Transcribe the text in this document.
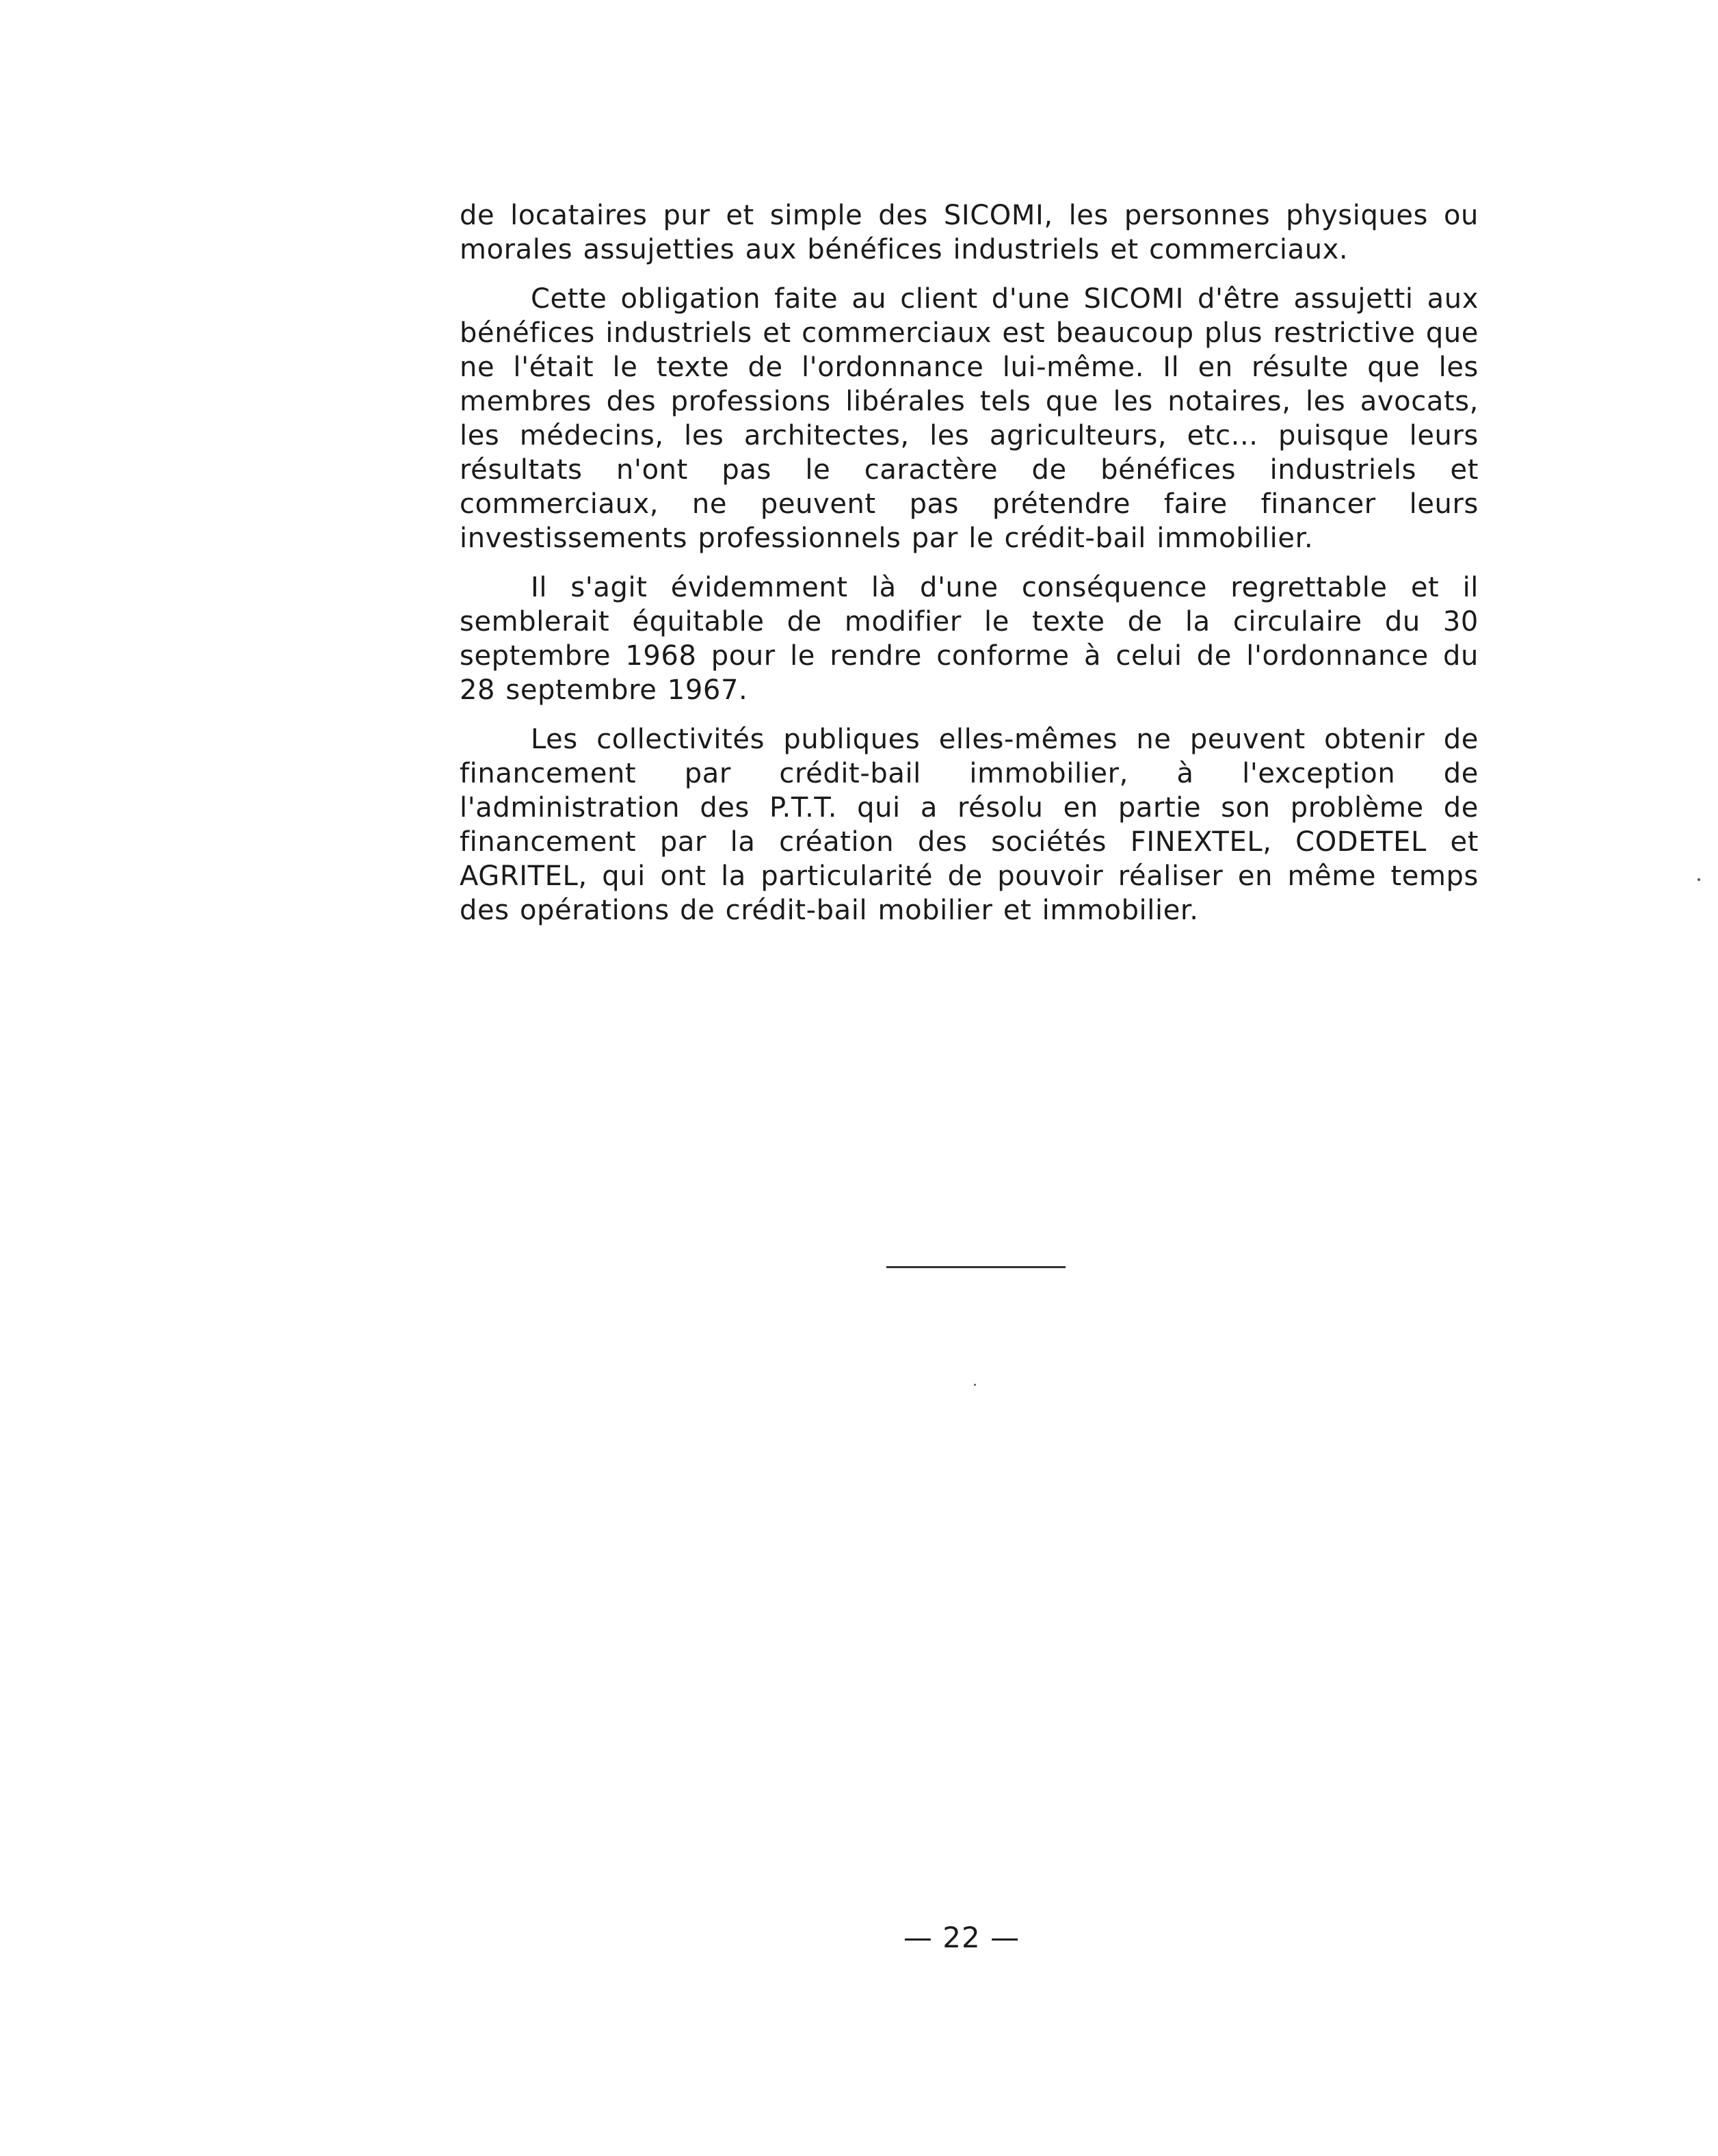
de locataires pur et simple des SICOMI, les personnes physiques ou morales assujetties aux bénéfices industriels et commerciaux.

Cette obligation faite au client d'une SICOMI d'être assujetti aux bénéfices industriels et commerciaux est beaucoup plus restrictive que ne l'était le texte de l'ordonnance lui-même. Il en résulte que les membres des professions libérales tels que les notaires, les avocats, les médecins, les architectes, les agriculteurs, etc... puisque leurs résultats n'ont pas le caractère de bénéfices industriels et commerciaux, ne peuvent pas prétendre faire financer leurs investissements professionnels par le crédit-bail immobilier.

Il s'agit évidemment là d'une conséquence regrettable et il semblerait équitable de modifier le texte de la circulaire du 30 septembre 1968 pour le rendre conforme à celui de l'ordonnance du 28 septembre 1967.

Les collectivités publiques elles-mêmes ne peuvent obtenir de financement par crédit-bail immobilier, à l'exception de l'administration des P.T.T. qui a résolu en partie son problème de financement par la création des sociétés FINEXTEL, CODETEL et AGRITEL, qui ont la particularité de pouvoir réaliser en même temps des opérations de crédit-bail mobilier et immobilier.

— 22 —
